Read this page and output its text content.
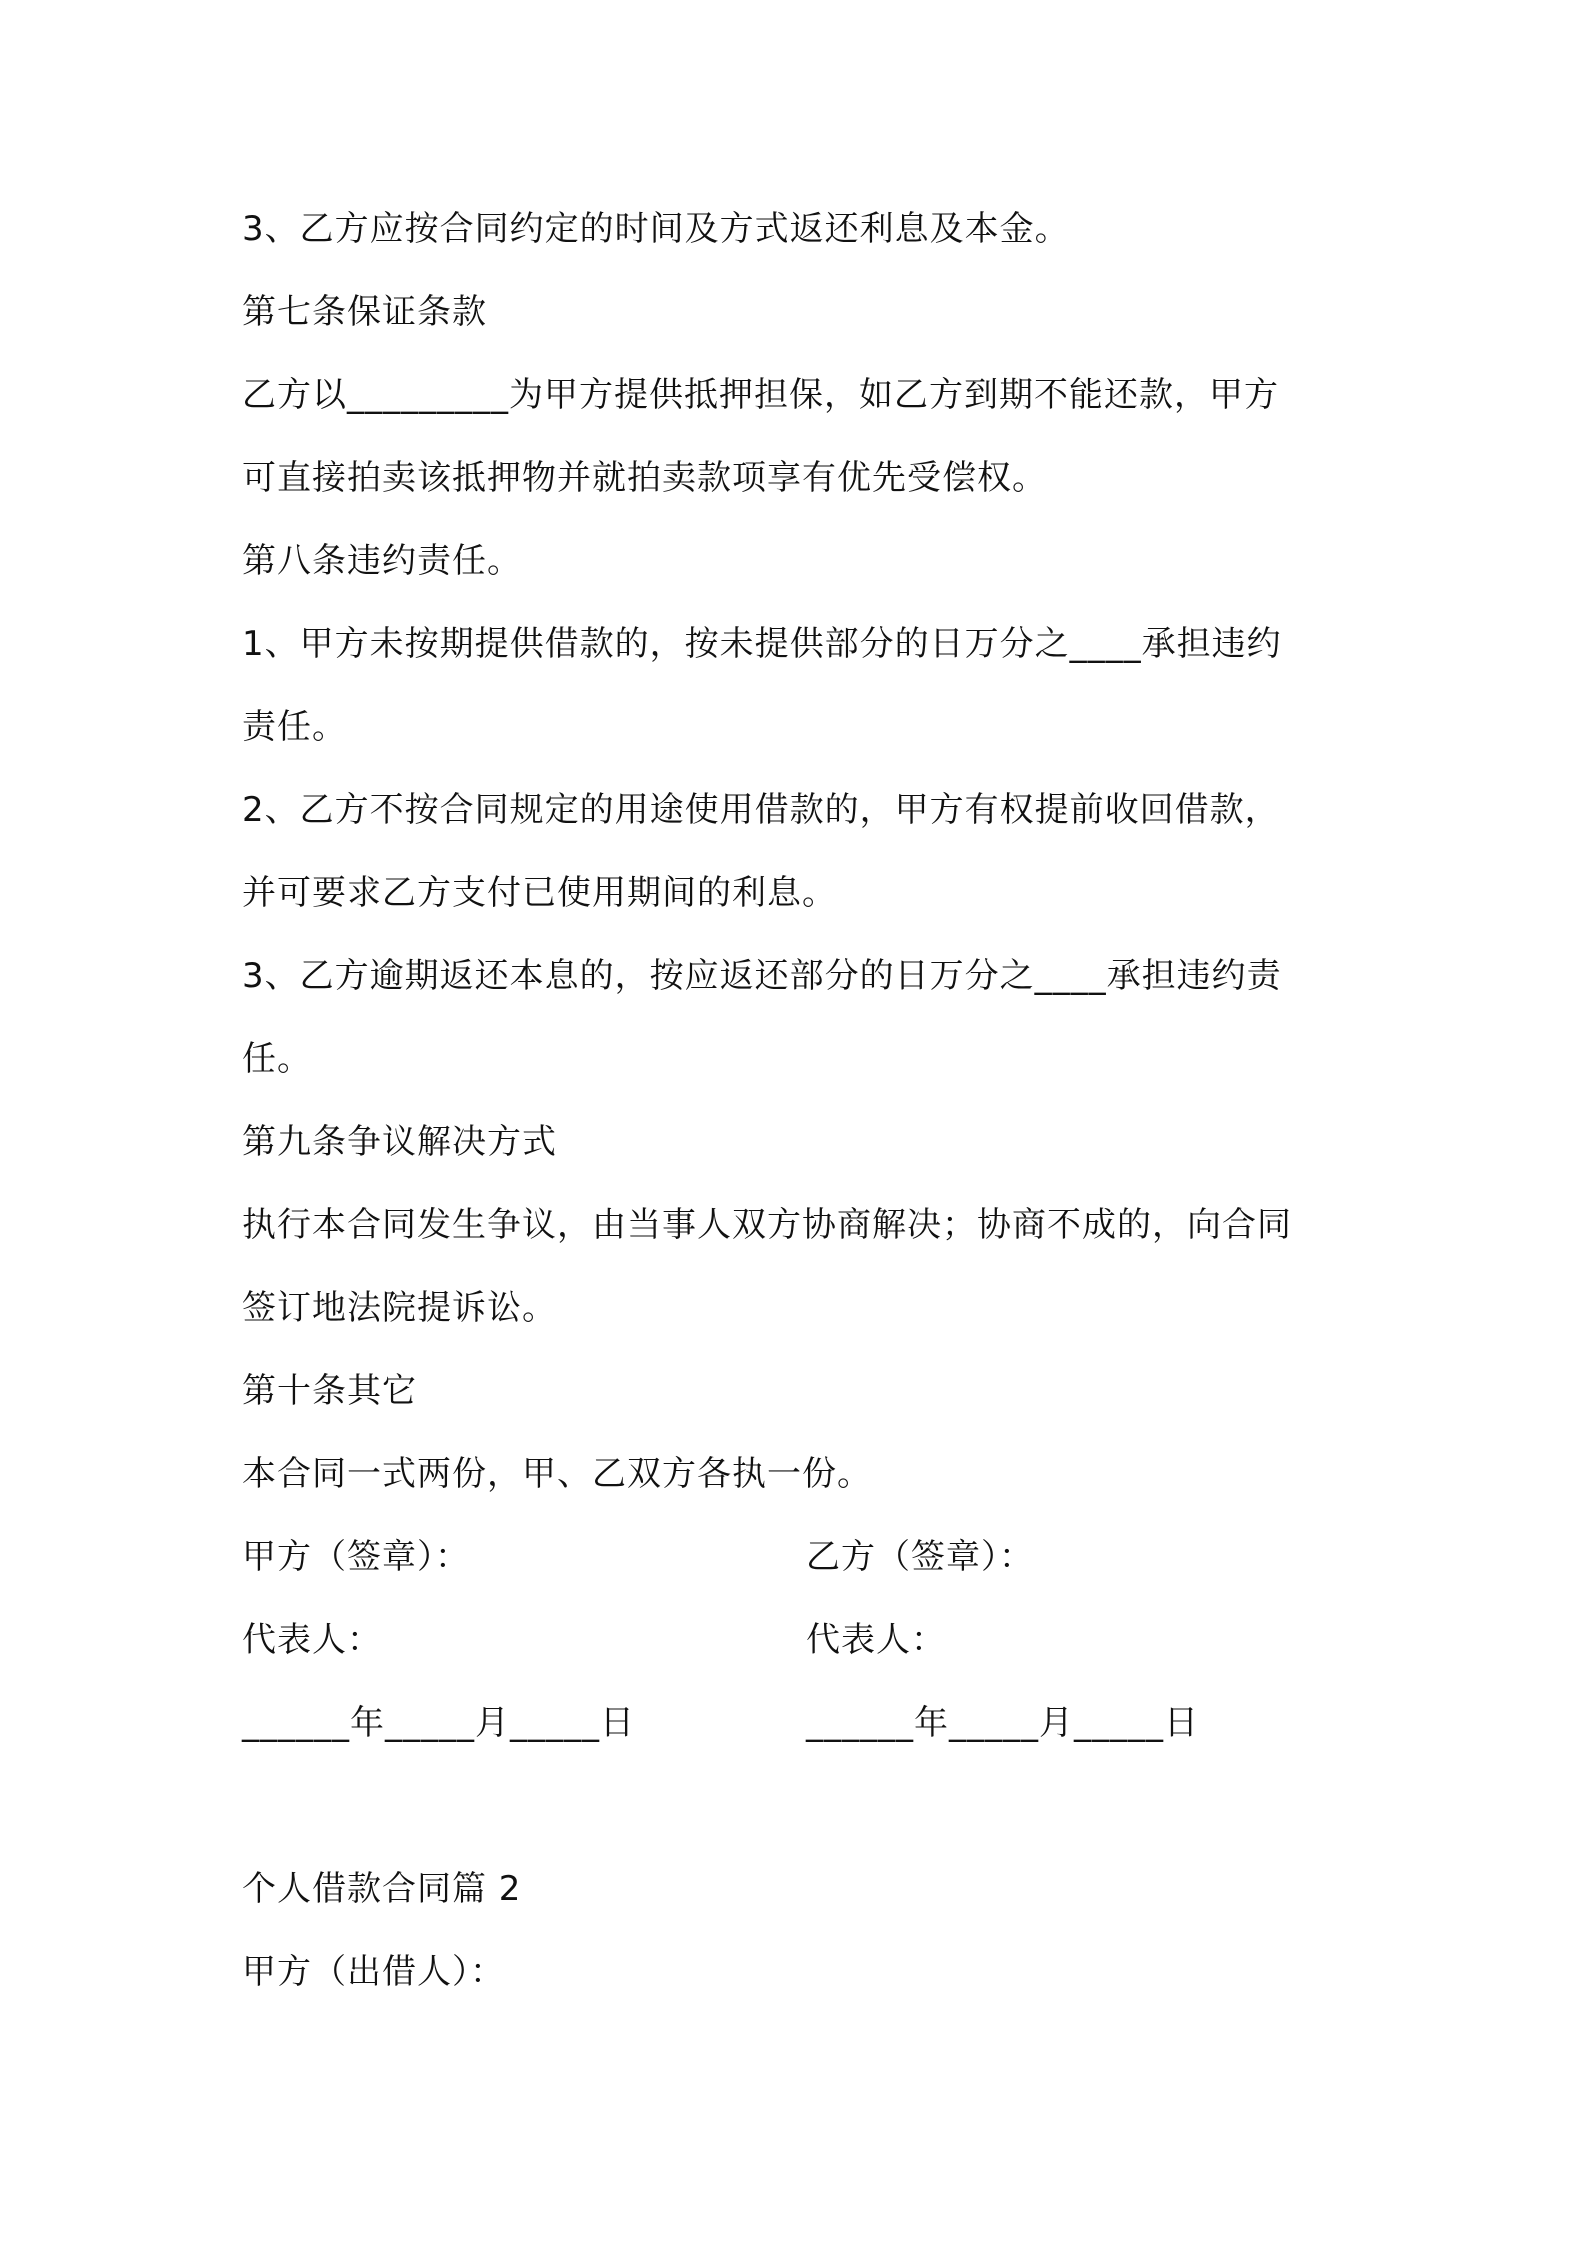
3、乙方应按合同约定的时间及方式返还利息及本金。
第七条保证条款
乙方以_________为甲方提供抵押担保，如乙方到期不能还款，甲方
可直接拍卖该抵押物并就拍卖款项享有优先受偿权。
第八条违约责任。
1、甲方未按期提供借款的，按未提供部分的日万分之____承担违约
责任。
2、乙方不按合同规定的用途使用借款的，甲方有权提前收回借款，
并可要求乙方支付已使用期间的利息。
3、乙方逾期返还本息的，按应返还部分的日万分之____承担违约责
任。
第九条争议解决方式
执行本合同发生争议，由当事人双方协商解决；协商不成的，向合同
签订地法院提诉讼。
第十条其它
本合同一式两份，甲、乙双方各执一份。
甲方（签章）：	乙方（签章）：
代表人：	代表人：
______年_____月_____日	______年_____月_____日
个人借款合同篇 2
甲方（出借人）：
